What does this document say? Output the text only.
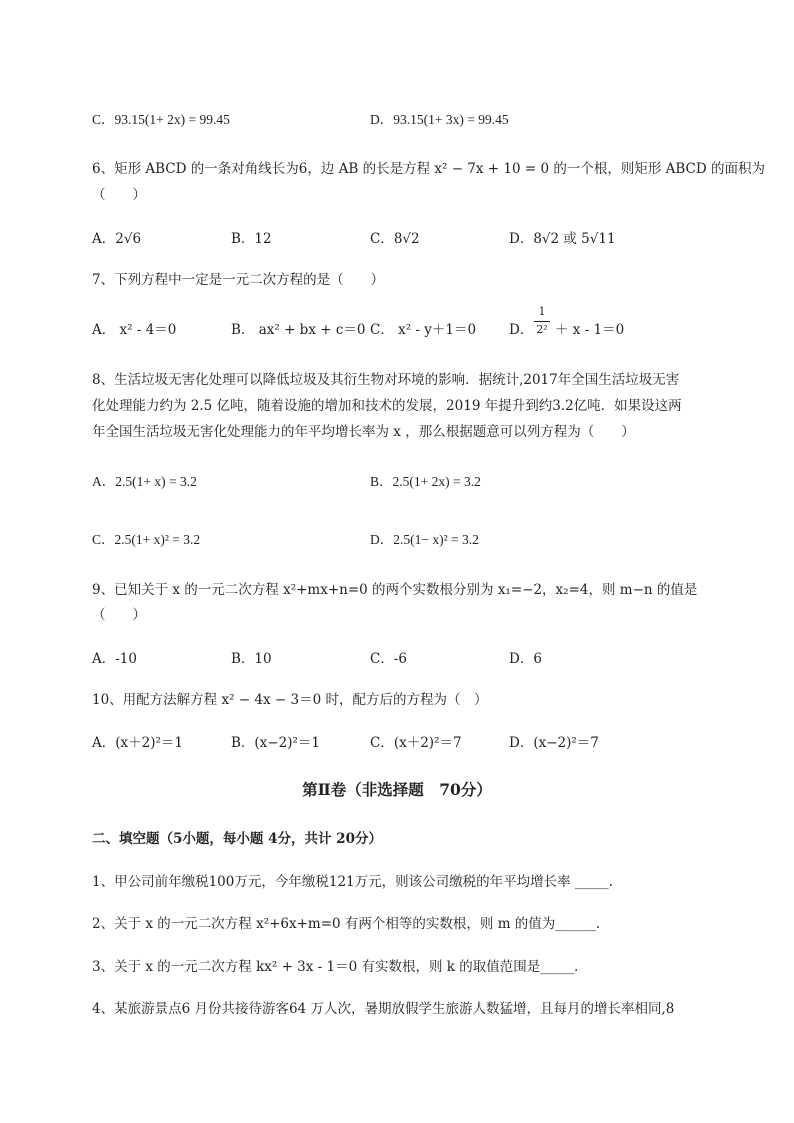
C．93.15(1+ 2x) = 99.45	D．93.15(1+ 3x) = 99.45
6、矩形 ABCD 的一条对角线长为6，边 AB 的长是方程 x² − 7x + 10 = 0 的一个根，则矩形 ABCD 的面积为
（　　）
A．2√6	B．12	C．8√2	D．8√2 或 5√11
7、下列方程中一定是一元二次方程的是（　　）
A． x² - 4＝0	B． ax² + bx + c＝0 C． x² - y＋1＝0 D．
1
2² ＋ x - 1＝0
8、生活垃圾无害化处理可以降低垃圾及其衍生物对环境的影响．据统计,2017年全国生活垃圾无害
化处理能力约为 2.5 亿吨，随着设施的增加和技术的发展，2019 年提升到约3.2亿吨．如果设这两
年全国生活垃圾无害化处理能力的年平均增长率为 x ，那么根据题意可以列方程为（　　）
A．2.5(1+ x) = 3.2	B．2.5(1+ 2x) = 3.2
C．2.5(1+ x)² = 3.2	D．2.5(1− x)² = 3.2
9、已知关于 x 的一元二次方程 x²+mx+n=0 的两个实数根分别为 x₁=−2，x₂=4，则 m−n 的值是
（　　）
A．-10	B．10	C．-6	D．6
10、用配方法解方程 x² − 4x − 3＝0 时，配方后的方程为（　）
A．(x＋2)²＝1	B．(x−2)²＝1	C．(x＋2)²＝7	D．(x−2)²＝7
第Ⅱ卷（非选择题　70分）
二、填空题（5小题，每小题 4分，共计 20分）
1、甲公司前年缴税100万元，今年缴税121万元，则该公司缴税的年平均增长率 _____.
2、关于 x 的一元二次方程 x²+6x+m=0 有两个相等的实数根，则 m 的值为______.
3、关于 x 的一元二次方程 kx² + 3x - 1＝0 有实数根，则 k 的取值范围是_____.
4、某旅游景点6 月份共接待游客64 万人次，暑期放假学生旅游人数猛增，且每月的增长率相同,8
